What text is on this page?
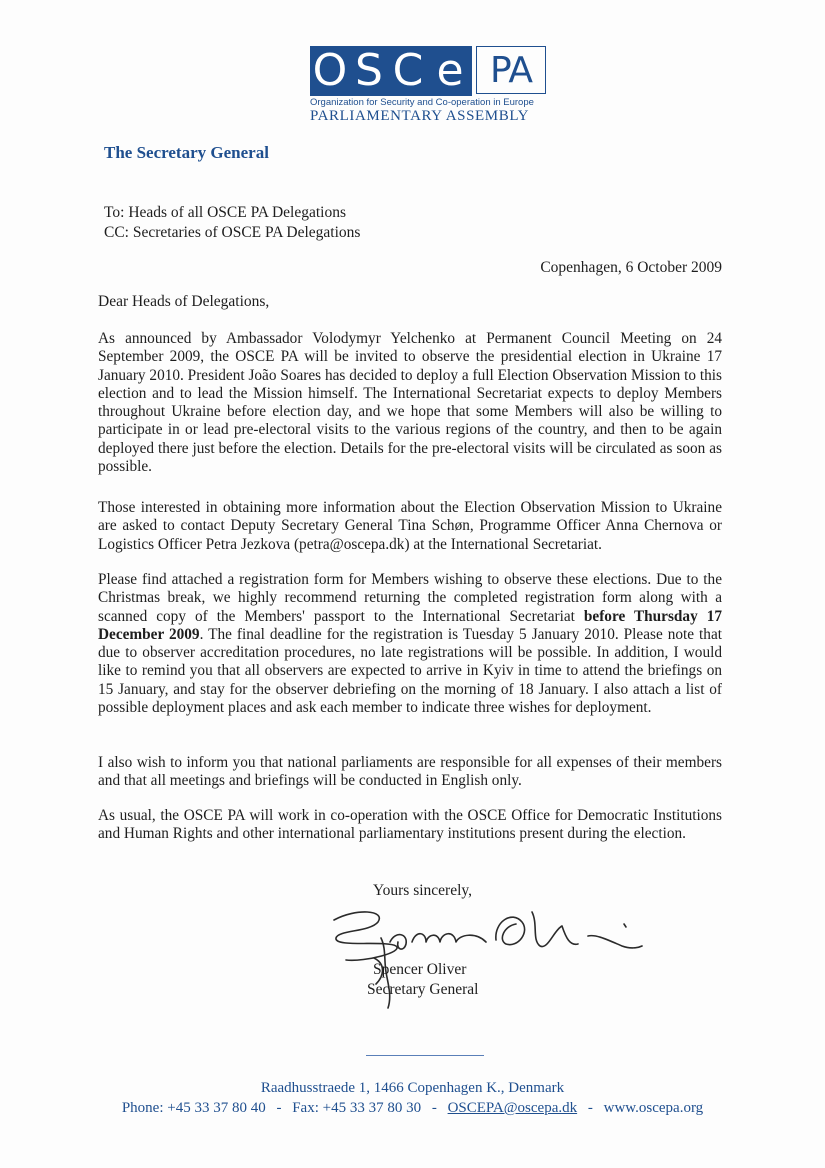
O S C e PA
Organization for Security and Co-operation in Europe
PARLIAMENTARY ASSEMBLY
The Secretary General
To: Heads of all OSCE PA Delegations
CC: Secretaries of OSCE PA Delegations
Copenhagen, 6 October 2009
Dear Heads of Delegations,
As announced by Ambassador Volodymyr Yelchenko at Permanent Council Meeting on 24 September 2009, the OSCE PA will be invited to observe the presidential election in Ukraine 17 January 2010. President João Soares has decided to deploy a full Election Observation Mission to this election and to lead the Mission himself. The International Secretariat expects to deploy Members throughout Ukraine before election day, and we hope that some Members will also be willing to participate in or lead pre-electoral visits to the various regions of the country, and then to be again deployed there just before the election. Details for the pre-electoral visits will be circulated as soon as possible.
Those interested in obtaining more information about the Election Observation Mission to Ukraine are asked to contact Deputy Secretary General Tina Schøn, Programme Officer Anna Chernova or Logistics Officer Petra Jezkova (petra@oscepa.dk) at the International Secretariat.
Please find attached a registration form for Members wishing to observe these elections. Due to the Christmas break, we highly recommend returning the completed registration form along with a scanned copy of the Members' passport to the International Secretariat before Thursday 17 December 2009. The final deadline for the registration is Tuesday 5 January 2010. Please note that due to observer accreditation procedures, no late registrations will be possible. In addition, I would like to remind you that all observers are expected to arrive in Kyiv in time to attend the briefings on 15 January, and stay for the observer debriefing on the morning of 18 January. I also attach a list of possible deployment places and ask each member to indicate three wishes for deployment.
I also wish to inform you that national parliaments are responsible for all expenses of their members and that all meetings and briefings will be conducted in English only.
As usual, the OSCE PA will work in co-operation with the OSCE Office for Democratic Institutions and Human Rights and other international parliamentary institutions present during the election.
Yours sincerely,
Spencer Oliver
Secretary General
Raadhusstraede 1, 1466 Copenhagen K., Denmark
Phone: +45 33 37 80 40 - Fax: +45 33 37 80 30 - OSCEPA@oscepa.dk - www.oscepa.org
